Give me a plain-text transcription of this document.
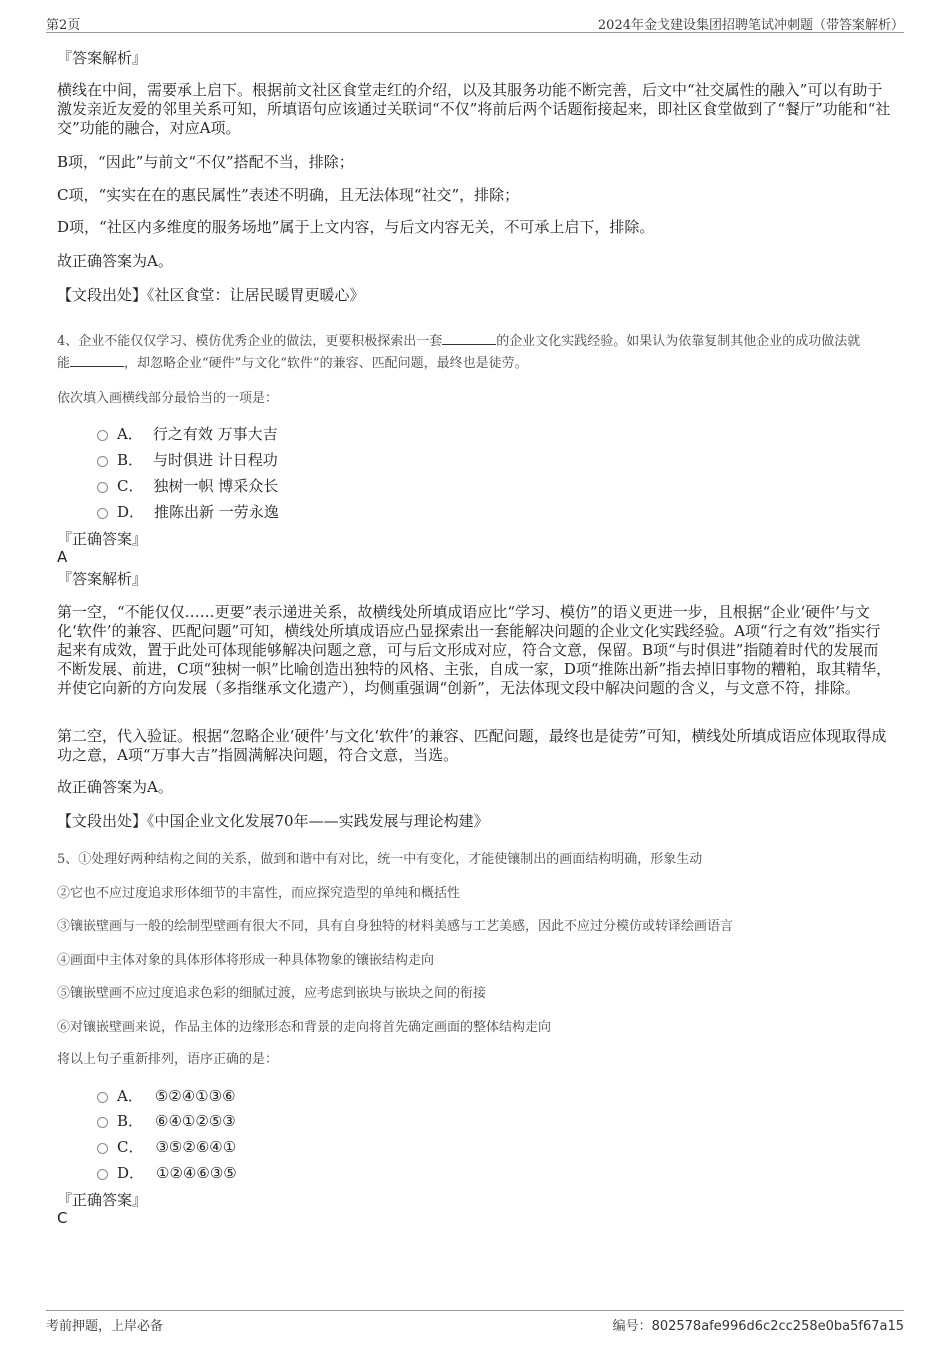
第2页	2024年金戈建设集团招聘笔试冲刺题（带答案解析）
『答案解析』
横线在中间，需要承上启下。根据前文社区食堂走红的介绍，以及其服务功能不断完善，后文中“社交属性的融入”可以有助于激发亲近友爱的邻里关系可知，所填语句应该通过关联词“不仅”将前后两个话题衔接起来，即社区食堂做到了“餐厅”功能和“社交”功能的融合，对应A项。
B项，“因此”与前文“不仅”搭配不当，排除；
C项，“实实在在的惠民属性”表述不明确，且无法体现“社交”，排除；
D项，“社区内多维度的服务场地”属于上文内容，与后文内容无关，不可承上启下，排除。
故正确答案为A。
【文段出处】《社区食堂：让居民暖胃更暖心》
4、企业不能仅仅学习、模仿优秀企业的做法，更要积极探索出一套	的企业文化实践经验。如果认为依靠复制其他企业的成功做法就
能	，却忽略企业“硬件”与文化“软件”的兼容、匹配问题，最终也是徒劳。
依次填入画横线部分最恰当的一项是：
A． 行之有效 万事大吉
B． 与时俱进 计日程功
C． 独树一帜 博采众长
D． 推陈出新 一劳永逸
『正确答案』
A
『答案解析』
第一空，“不能仅仅……更要”表示递进关系，故横线处所填成语应比“学习、模仿”的语义更进一步，且根据“企业‘硬件’与文化‘软件’的兼容、匹配问题”可知，横线处所填成语应凸显探索出一套能解决问题的企业文化实践经验。A项“行之有效”指实行起来有成效，置于此处可体现能够解决问题之意，可与后文形成对应，符合文意，保留。B项“与时俱进”指随着时代的发展而不断发展、前进，C项“独树一帜”比喻创造出独特的风格、主张，自成一家，D项“推陈出新”指去掉旧事物的糟粕，取其精华，并使它向新的方向发展（多指继承文化遗产），均侧重强调“创新”，无法体现文段中解决问题的含义，与文意不符，排除。
第二空，代入验证。根据“忽略企业‘硬件’与文化‘软件’的兼容、匹配问题，最终也是徒劳”可知，横线处所填成语应体现取得成功之意，A项“万事大吉”指圆满解决问题，符合文意，当选。
故正确答案为A。
【文段出处】《中国企业文化发展70年——实践发展与理论构建》
5、①处理好两种结构之间的关系，做到和谐中有对比，统一中有变化，才能使镶制出的画面结构明确，形象生动
②它也不应过度追求形体细节的丰富性，而应探究造型的单纯和概括性
③镶嵌壁画与一般的绘制型壁画有很大不同，具有自身独特的材料美感与工艺美感，因此不应过分模仿或转译绘画语言
④画面中主体对象的具体形体将形成一种具体物象的镶嵌结构走向
⑤镶嵌壁画不应过度追求色彩的细腻过渡，应考虑到嵌块与嵌块之间的衔接
⑥对镶嵌壁画来说，作品主体的边缘形态和背景的走向将首先确定画面的整体结构走向
将以上句子重新排列，语序正确的是：
A． ⑤②④①③⑥
B． ⑥④①②⑤③
C． ③⑤②⑥④①
D． ①②④⑥③⑤
『正确答案』
C
考前押题，上岸必备	编号：802578afe996d6c2cc258e0ba5f67a15
